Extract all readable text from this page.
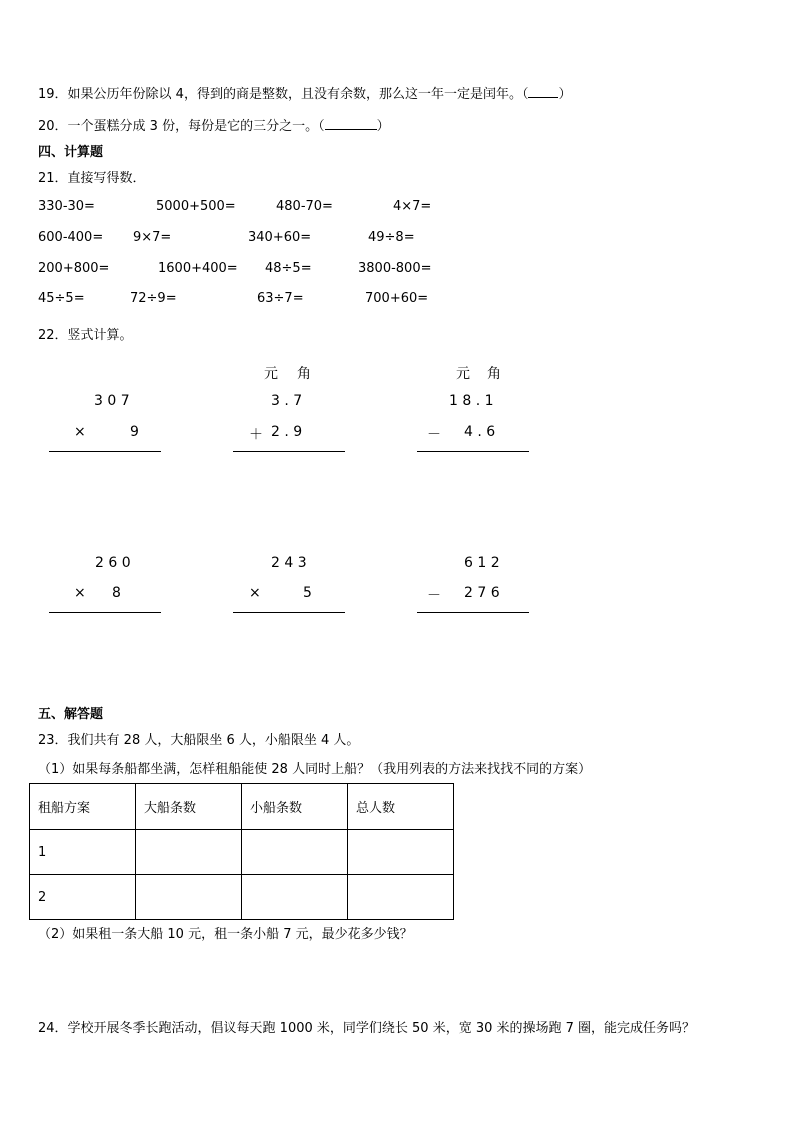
19．如果公历年份除以 4，得到的商是整数，且没有余数，那么这一年一定是闰年。（ ）
20．一个蛋糕分成 3 份，每份是它的三分之一。（	）
四、计算题
21．直接写得数．
330-30=	5000+500=	480-70=	4×7=
600-400= 9×7=	340+60=	49÷8=
200+800=	1600+400= 48÷5=	3800-800=
45÷5=	72÷9=	63÷7=	700+60=
22．竖式计算。
元 角	元 角
3 0 7
×	9
3 . 7
＋ 2 . 9
1 8 . 1
－ 4 . 6
2 6 0
× 8
2 4 3
×	5
6 1 2
－ 2 7 6
五、解答题
23．我们共有 28 人，大船限坐 6 人，小船限坐 4 人。
（1）如果每条船都坐满，怎样租船能使 28 人同时上船？（我用列表的方法来找找不同的方案）
租船方案	大船条数	小船条数	总人数
1			
2			
（2）如果租一条大船 10 元，租一条小船 7 元，最少花多少钱？
24．学校开展冬季长跑活动，倡议每天跑 1000 米，同学们绕长 50 米，宽 30 米的操场跑 7 圈，能完成任务吗？
